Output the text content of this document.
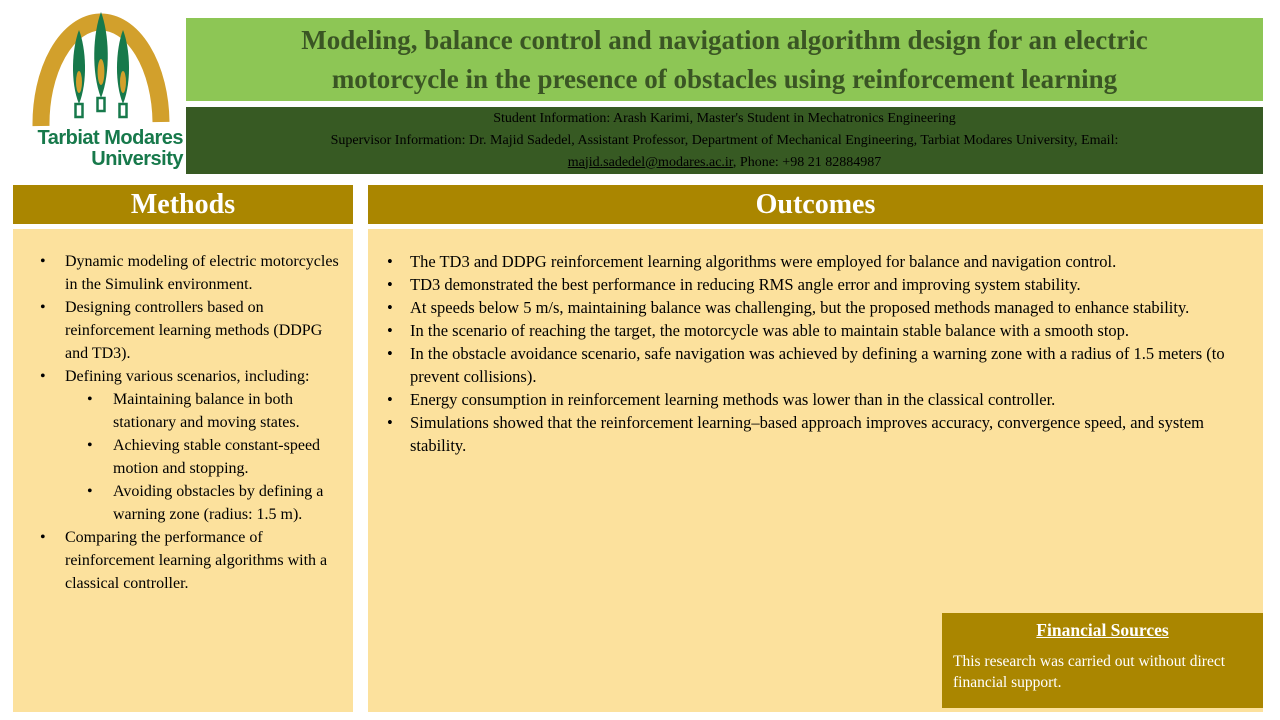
Tarbiat Modares
University
Modeling, balance control and navigation algorithm design for an electric
motorcycle in the presence of obstacles using reinforcement learning
Student Information: Arash Karimi, Master's Student in Mechatronics Engineering
Supervisor Information: Dr. Majid Sadedel, Assistant Professor, Department of Mechanical Engineering, Tarbiat Modares University, Email:
majid.sadedel@modares.ac.ir, Phone: +98 21 82884987
Methods
• Dynamic modeling of electric motorcycles in the Simulink environment.
• Designing controllers based on reinforcement learning methods (DDPG and TD3).
• Defining various scenarios, including:
• Maintaining balance in both stationary and moving states.
• Achieving stable constant-speed motion and stopping.
• Avoiding obstacles by defining a warning zone (radius: 1.5 m).
• Comparing the performance of reinforcement learning algorithms with a classical controller.
Outcomes
• The TD3 and DDPG reinforcement learning algorithms were employed for balance and navigation control.
• TD3 demonstrated the best performance in reducing RMS angle error and improving system stability.
• At speeds below 5 m/s, maintaining balance was challenging, but the proposed methods managed to enhance stability.
• In the scenario of reaching the target, the motorcycle was able to maintain stable balance with a smooth stop.
• In the obstacle avoidance scenario, safe navigation was achieved by defining a warning zone with a radius of 1.5 meters (to prevent collisions).
• Energy consumption in reinforcement learning methods was lower than in the classical controller.
• Simulations showed that the reinforcement learning–based approach improves accuracy, convergence speed, and system stability.
Financial Sources
This research was carried out without direct financial support.
